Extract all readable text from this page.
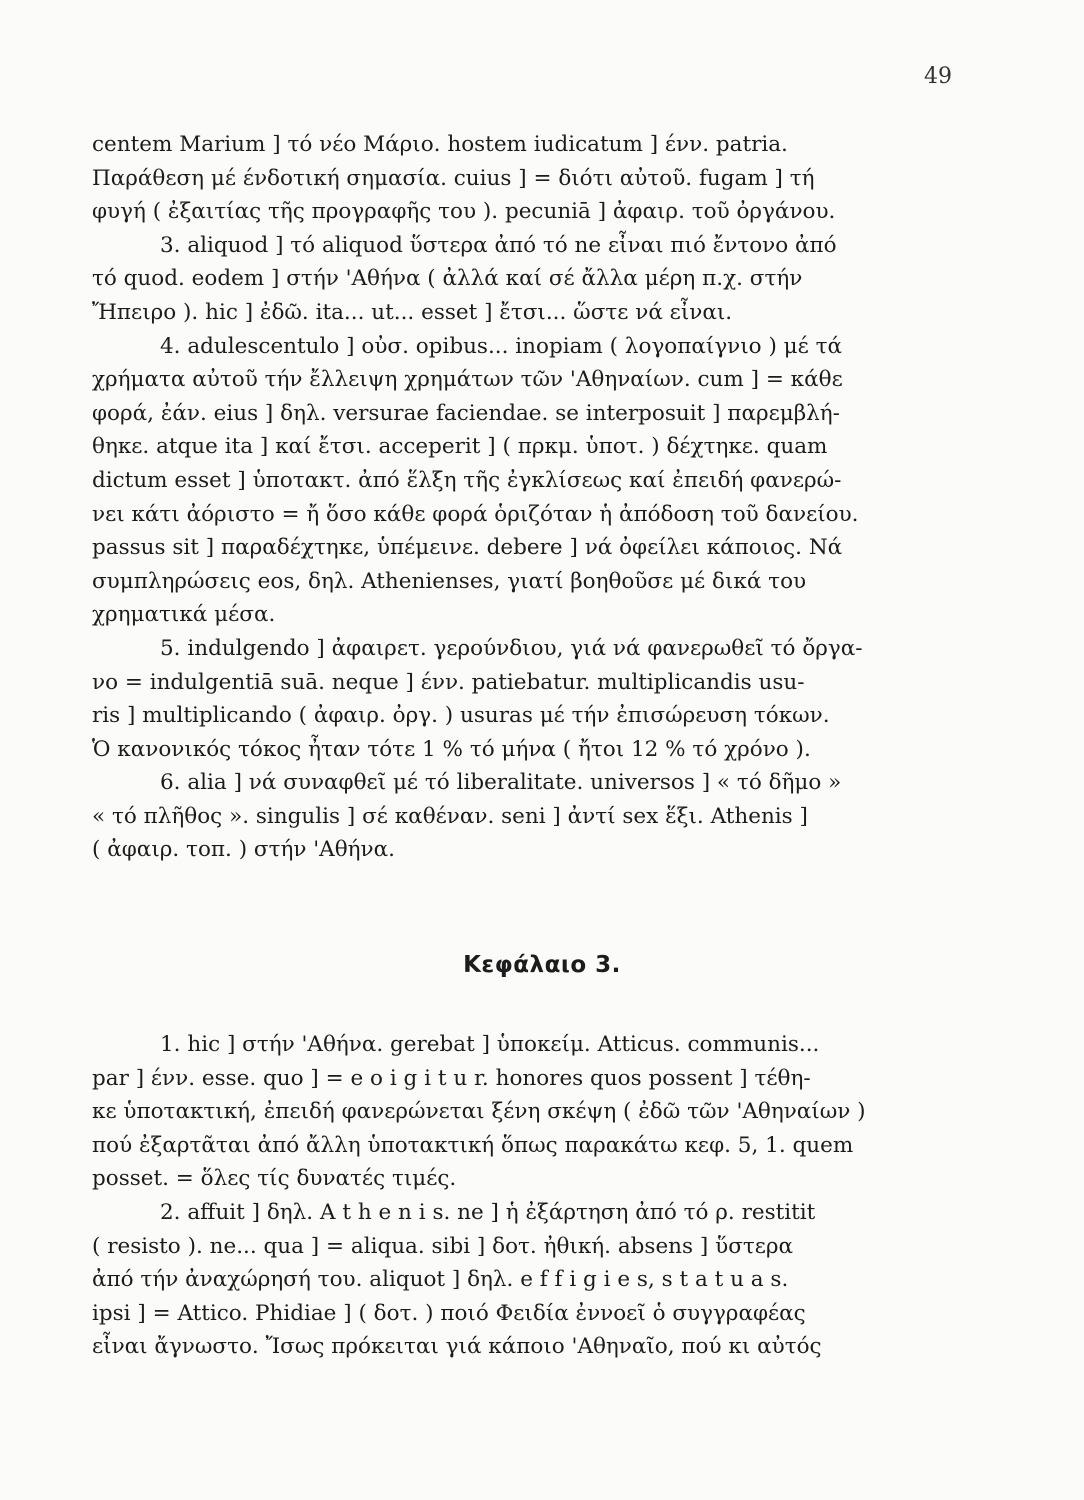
49
centem Marium ] τό νέο Μάριο. hostem iudicatum ] ένν. patria.
Παράθεση μέ ένδοτική σημασία. cuius ] = διότι αὐτοῦ. fugam ] τή
φυγή ( ἐξαιτίας τῆς προγραφῆς του ). pecuniā ] ἀφαιρ. τοῦ ὀργάνου.
3. aliquod ] τό aliquod ὕστερα ἀπό τό ne εἶναι πιό ἔντονο ἀπό
τό quod. eodem ] στήν 'Αθήνα ( ἀλλά καί σέ ἄλλα μέρη π.χ. στήν
Ἤπειρο ). hic ] ἐδῶ. ita... ut... esset ] ἔτσι... ὥστε νά εἶναι.
4. adulescentulo ] οὐσ. opibus... inopiam ( λογοπαίγνιο ) μέ τά
χρήματα αὐτοῦ τήν ἔλλειψη χρημάτων τῶν 'Αθηναίων. cum ] = κάθε
φορά, ἐάν. eius ] δηλ. versurae faciendae. se interposuit ] παρεμβλή-
θηκε. atque ita ] καί ἔτσι. acceperit ] ( πρκμ. ὑποτ. ) δέχτηκε. quam
dictum esset ] ὑποτακτ. ἀπό ἕλξη τῆς ἐγκλίσεως καί ἐπειδή φανερώ-
νει κάτι ἀόριστο = ἤ ὅσο κάθε φορά ὁριζόταν ἡ ἀπόδοση τοῦ δανείου.
passus sit ] παραδέχτηκε, ὑπέμεινε. debere ] νά ὀφείλει κάποιος. Νά
συμπληρώσεις eos, δηλ. Athenienses, γιατί βοηθοῦσε μέ δικά του
χρηματικά μέσα.
5. indulgendo ] ἀφαιρετ. γερούνδιου, γιά νά φανερωθεῖ τό ὄργα-
νο = indulgentiā suā. neque ] ένν. patiebatur. multiplicandis usu-
ris ] multiplicando ( ἀφαιρ. ὀργ. ) usuras μέ τήν ἐπισώρευση τόκων.
Ὁ κανονικός τόκος ἦταν τότε 1 % τό μήνα ( ἤτοι 12 % τό χρόνο ).
6. alia ] νά συναφθεῖ μέ τό liberalitate. universos ] « τό δῆμο »
« τό πλῆθος ». singulis ] σέ καθέναν. seni ] ἀντί sex ἕξι. Athenis ]
( ἀφαιρ. τοπ. ) στήν 'Αθήνα.
Κεφάλαιο 3.
1. hic ] στήν 'Αθήνα. gerebat ] ὑποκείμ. Atticus. communis...
par ] ένν. esse. quo ] = e o i g i t u r. honores quos possent ] τέθη-
κε ὑποτακτική, ἐπειδή φανερώνεται ξένη σκέψη ( ἐδῶ τῶν 'Αθηναίων )
πού ἐξαρτᾶται ἀπό ἄλλη ὑποτακτική ὅπως παρακάτω κεφ. 5, 1. quem
posset. = ὅλες τίς δυνατές τιμές.
2. affuit ] δηλ. A t h e n i s. ne ] ἡ ἐξάρτηση ἀπό τό ρ. restitit
( resisto ). ne... qua ] = aliqua. sibi ] δοτ. ἠθική. absens ] ὕστερα
ἀπό τήν ἀναχώρησή του. aliquot ] δηλ. e f f i g i e s, s t a t u a s.
ipsi ] = Attico. Phidiae ] ( δοτ. ) ποιό Φειδία ἐννοεῖ ὁ συγγραφέας
εἶναι ἄγνωστο. Ἴσως πρόκειται γιά κάποιο 'Αθηναῖο, πού κι αὐτός
